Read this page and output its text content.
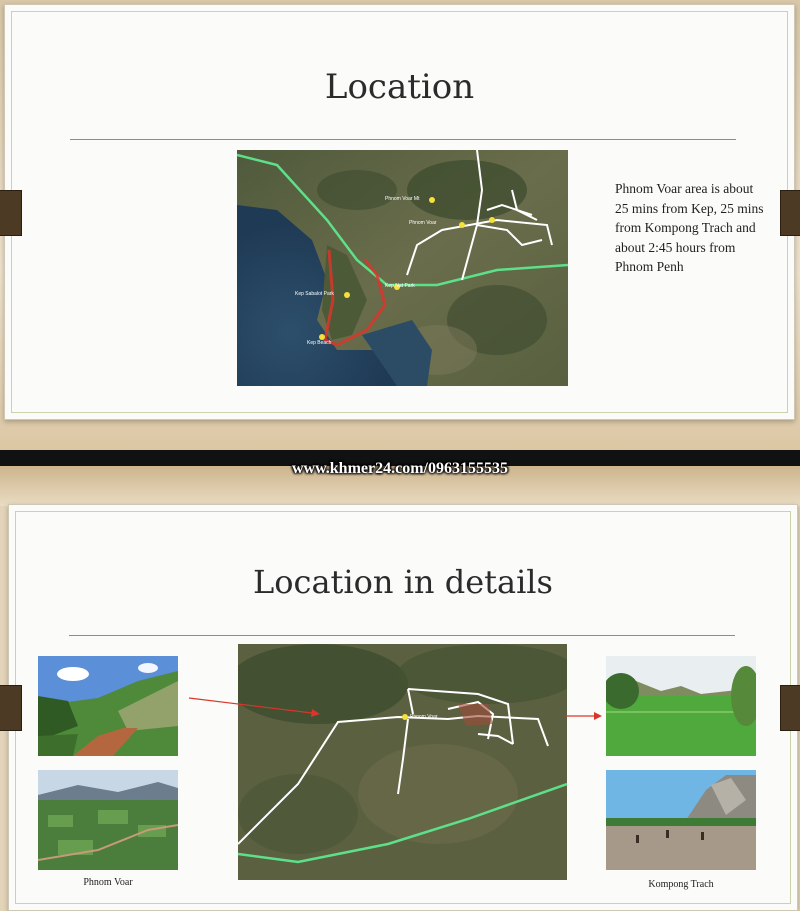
Location
Phnom Voar Mt
Phnom Voar
Kep Sabalot Park
Kep Nat Park
Kep Beach
Phnom Voar area is about 25 mins from Kep, 25 mins from Kompong Trach and about 2:45 hours from Phnom Penh
www.khmer24.com/0963155535
Location in details
Phnom Voar
Phnom Voar
Kompong Trach
